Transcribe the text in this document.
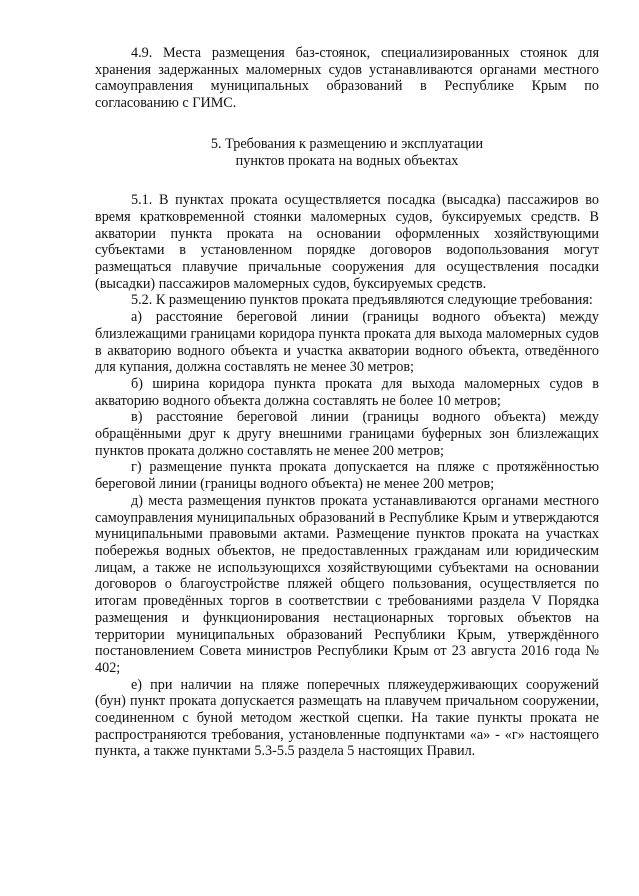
4.9. Места размещения баз-стоянок, специализированных стоянок для хранения задержанных маломерных судов устанавливаются органами местного самоуправления муниципальных образований в Республике Крым по согласованию с ГИМС.

5. Требования к размещению и эксплуатации
пунктов проката на водных объектах

5.1. В пунктах проката осуществляется посадка (высадка) пассажиров во время кратковременной стоянки маломерных судов, буксируемых средств. В акватории пункта проката на основании оформленных хозяйствующими субъектами в установленном порядке договоров водопользования могут размещаться плавучие причальные сооружения для осуществления посадки (высадки) пассажиров маломерных судов, буксируемых средств.

5.2. К размещению пунктов проката предъявляются следующие требования:

а) расстояние береговой линии (границы водного объекта) между близлежащими границами коридора пункта проката для выхода маломерных судов в акваторию водного объекта и участка акватории водного объекта, отведённого для купания, должна составлять не менее 30 метров;

б) ширина коридора пункта проката для выхода маломерных судов в акваторию водного объекта должна составлять не более 10 метров;

в) расстояние береговой линии (границы водного объекта) между обращёнными друг к другу внешними границами буферных зон близлежащих пунктов проката должно составлять не менее 200 метров;

г) размещение пункта проката допускается на пляже с протяжённостью береговой линии (границы водного объекта) не менее 200 метров;

д) места размещения пунктов проката устанавливаются органами местного самоуправления муниципальных образований в Республике Крым и утверждаются муниципальными правовыми актами. Размещение пунктов проката на участках побережья водных объектов, не предоставленных гражданам или юридическим лицам, а также не использующихся хозяйствующими субъектами на основании договоров о благоустройстве пляжей общего пользования, осуществляется по итогам проведённых торгов в соответствии с требованиями раздела V Порядка размещения и функционирования нестационарных торговых объектов на территории муниципальных образований Республики Крым, утверждённого постановлением Совета министров Республики Крым от 23 августа 2016 года № 402;

е) при наличии на пляже поперечных пляжеудерживающих сооружений (бун) пункт проката допускается размещать на плавучем причальном сооружении, соединенном с буной методом жесткой сцепки. На такие пункты проката не распространяются требования, установленные подпунктами «а» - «г» настоящего пункта, а также пунктами 5.3-5.5 раздела 5 настоящих Правил.
